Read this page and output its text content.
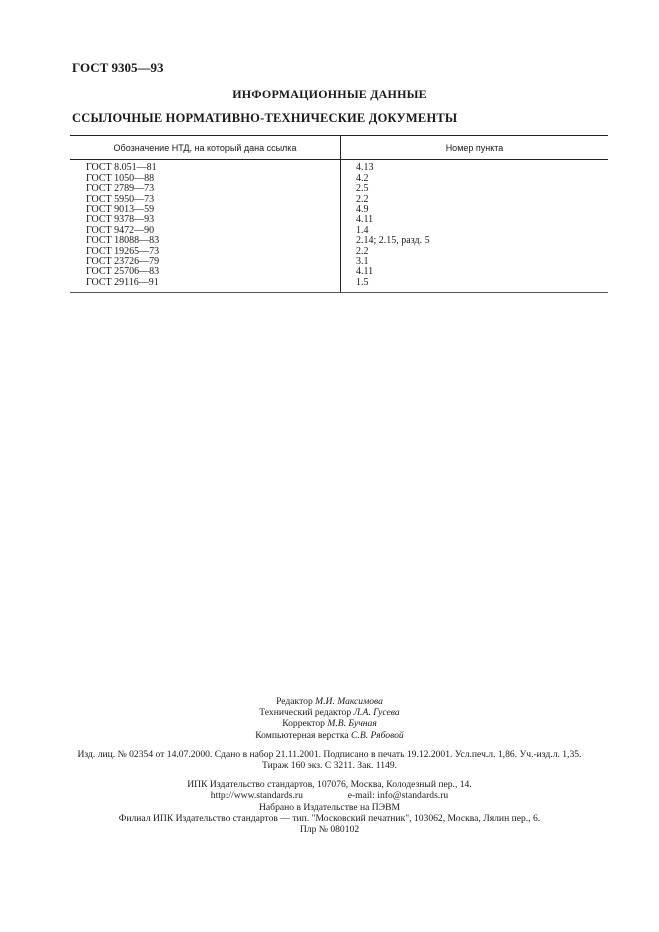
ГОСТ 9305—93
ИНФОРМАЦИОННЫЕ ДАННЫЕ
ССЫЛОЧНЫЕ НОРМАТИВНО-ТЕХНИЧЕСКИЕ ДОКУМЕНТЫ
Обозначение НТД, на который дана ссылка	Номер пункта
ГОСТ 8.051—81	4.13
ГОСТ 1050—88	4.2
ГОСТ 2789—73	2.5
ГОСТ 5950—73	2.2
ГОСТ 9013—59	4.9
ГОСТ 9378—93	4.11
ГОСТ 9472—90	1.4
ГОСТ 18088—83	2.14; 2.15, разд. 5
ГОСТ 19265—73	2.2
ГОСТ 23726—79	3.1
ГОСТ 25706—83	4.11
ГОСТ 29116—91	1.5
Редактор М.И. Максимова
Технический редактор Л.А. Гусева
Корректор М.В. Бучная
Компьютерная верстка С.В. Рябовой
Изд. лиц. № 02354 от 14.07.2000. Сдано в набор 21.11.2001. Подписано в печать 19.12.2001. Усл.печ.л. 1,86. Уч.-изд.л. 1,35.
Тираж 160 экз. С 3211. Зак. 1149.
ИПК Издательство стандартов, 107076, Москва, Колодезный пер., 14.
http://www.standards.ru	e-mail: info@standards.ru
Набрано в Издательстве на ПЭВМ
Филиал ИПК Издательство стандартов — тип. "Московский печатник", 103062, Москва, Лялин пер., 6.
Плр № 080102
